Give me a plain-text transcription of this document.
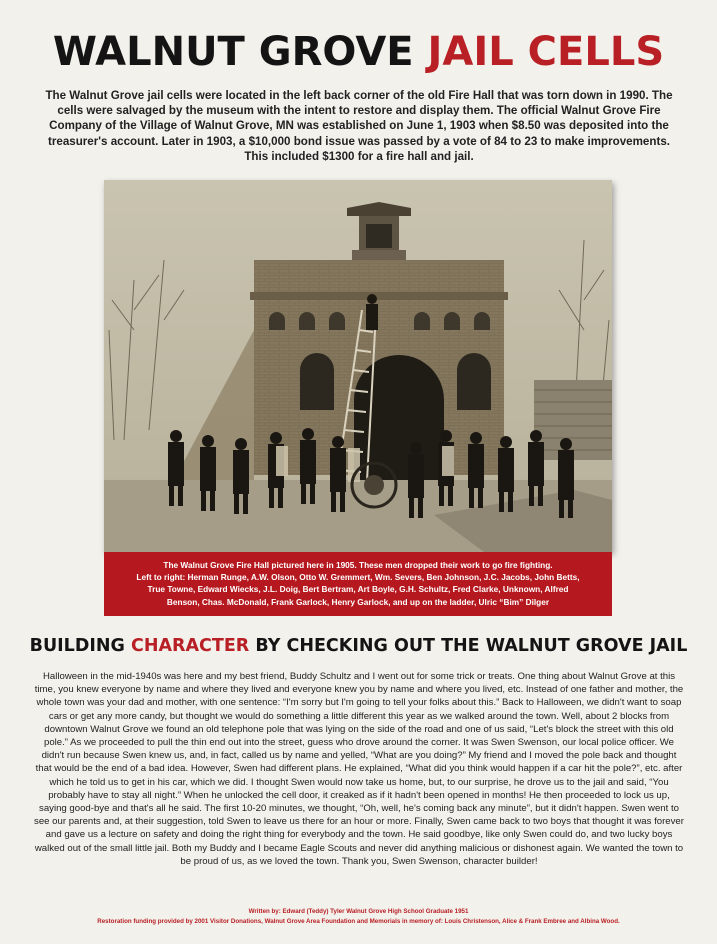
WALNUT GROVE JAIL CELLS
The Walnut Grove jail cells were located in the left back corner of the old Fire Hall that was torn down in 1990. The cells were salvaged by the museum with the intent to restore and display them. The official Walnut Grove Fire Company of the Village of Walnut Grove, MN was established on June 1, 1903 when $8.50 was deposited into the treasurer's account. Later in 1903, a $10,000 bond issue was passed by a vote of 84 to 23 to make improvements. This included $1300 for a fire hall and jail.
The Walnut Grove Fire Hall pictured here in 1905. These men dropped their work to go fire fighting.
Left to right: Herman Runge, A.W. Olson, Otto W. Gremmert, Wm. Severs, Ben Johnson, J.C. Jacobs, John Betts,
True Towne, Edward Wiecks, J.L. Doig, Bert Bertram, Art Boyle, G.H. Schultz, Fred Clarke, Unknown, Alfred
Benson, Chas. McDonald, Frank Garlock, Henry Garlock, and up on the ladder, Ulric “Bim” Dilger
BUILDING CHARACTER BY CHECKING OUT THE WALNUT GROVE JAIL
Halloween in the mid-1940s was here and my best friend, Buddy Schultz and I went out for some trick or treats. One thing about Walnut Grove at this time, you knew everyone by name and where they lived and everyone knew you by name and where you lived, etc. Instead of one father and mother, the whole town was your dad and mother, with one sentence: “I'm sorry but I'm going to tell your folks about this.” Back to Halloween, we didn't want to soap cars or get any more candy, but thought we would do something a little different this year as we walked around the town. Well, about 2 blocks from downtown Walnut Grove we found an old telephone pole that was lying on the side of the road and one of us said, “Let's block the street with this old pole.” As we proceeded to pull the thin end out into the street, guess who drove around the corner. It was Swen Swenson, our local police officer. We didn't run because Swen knew us, and, in fact, called us by name and yelled, “What are you doing?” My friend and I moved the pole back and thought that would be the end of a bad idea. However, Swen had different plans. He explained, “What did you think would happen if a car hit the pole?”, etc. after which he told us to get in his car, which we did. I thought Swen would now take us home, but, to our surprise, he drove us to the jail and said, “You probably have to stay all night.” When he unlocked the cell door, it creaked as if it hadn't been opened in months! He then proceeded to lock us up, saying good-bye and that's all he said. The first 10-20 minutes, we thought, “Oh, well, he's coming back any minute”, but it didn't happen. Swen went to see our parents and, at their suggestion, told Swen to leave us there for an hour or more. Finally, Swen came back to two boys that thought it was forever and gave us a lecture on safety and doing the right thing for everybody and the town. He said goodbye, like only Swen could do, and two lucky boys walked out of the small little jail. Both my Buddy and I became Eagle Scouts and never did anything malicious or dishonest again. We wanted the town to be proud of us, as we loved the town. Thank you, Swen Swenson, character builder!
Written by: Edward (Teddy) Tyler Walnut Grove High School Graduate 1951
Restoration funding provided by 2001 Visitor Donations, Walnut Grove Area Foundation and Memorials in memory of: Louis Christenson, Alice & Frank Embree and Albina Wood.
